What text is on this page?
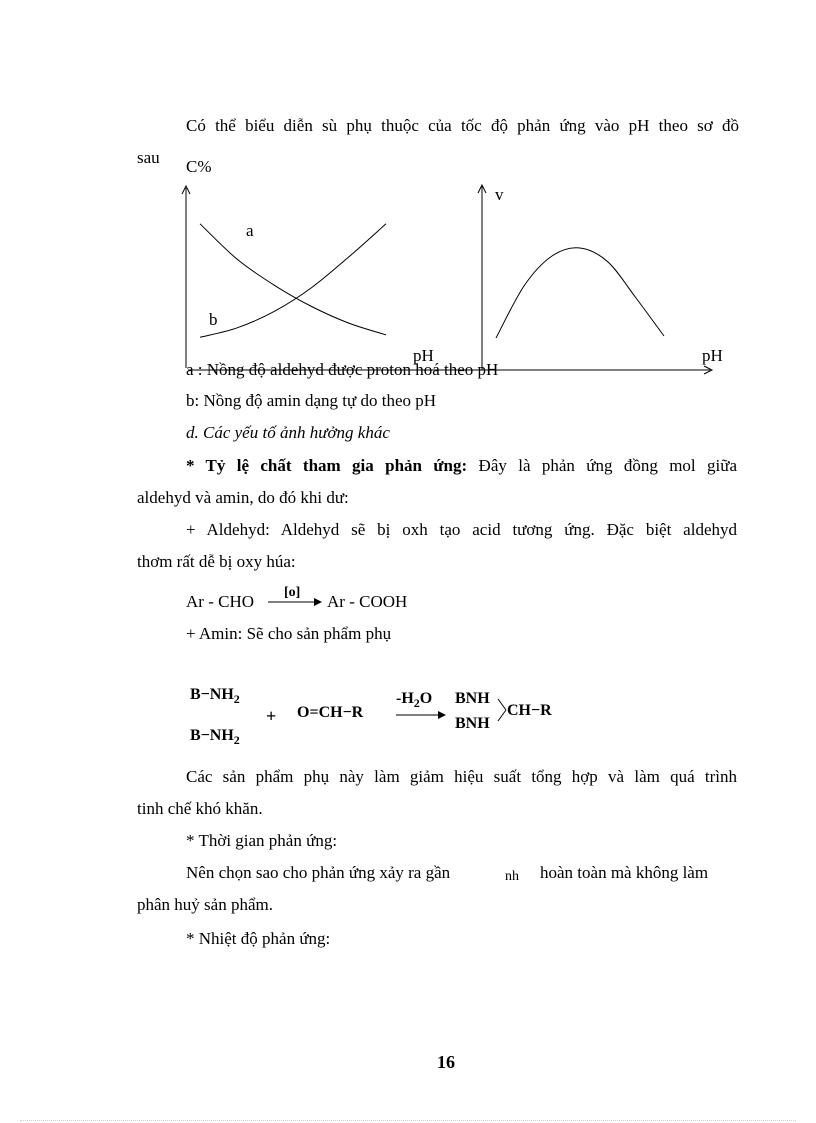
Có thể biểu diễn sù phụ thuộc của tốc độ phản ứng vào pH theo sơ đồ
sau C%
a
b
pH
v
pH
a : Nồng độ aldehyd được proton hoá theo pH
b: Nồng độ amin dạng tự do theo pH
d. Các yếu tố ảnh hưởng khác
* Tỷ lệ chất tham gia phản ứng: Đây là phản ứng đồng mol giữa
aldehyd và amin, do đó khi dư:
+ Aldehyd: Aldehyd sẽ bị oxh tạo acid tương ứng. Đặc biệt aldehyd
thơm rất dễ bị oxy húa:
Ar - CHO [o] Ar - COOH
+ Amin: Sẽ cho sản phẩm phụ
$B-NH_2$
$B-NH_2$
+ O=CH−R
$-H_2O$ BNH
BNH
CH−R
Các sản phẩm phụ này làm giảm hiệu suất tổng hợp và làm quá trình
tinh chế khó khăn.
* Thời gian phản ứng:
Nên chọn sao cho phản ứng xảy ra gần	nh hoàn toàn mà không làm
phân huỷ sản phẩm.
* Nhiệt độ phản ứng:
16
